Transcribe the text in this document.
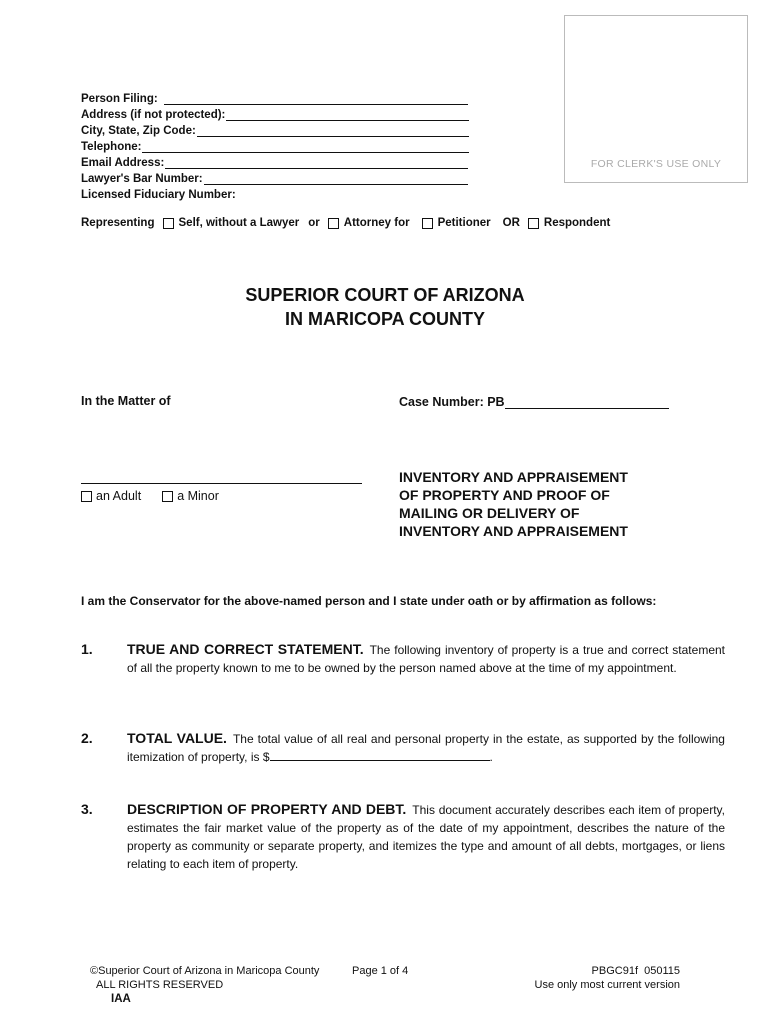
FOR CLERK'S USE ONLY
Person Filing:
Address (if not protected):
City, State, Zip Code:
Telephone:
Email Address:
Lawyer's Bar Number:
Licensed Fiduciary Number:
Representing Self, without a Lawyer or Attorney for Petitioner OR Respondent
SUPERIOR COURT OF ARIZONA
IN MARICOPA COUNTY
In the Matter of	Case Number: PB
an Adult	a Minor
INVENTORY AND APPRAISEMENT
OF PROPERTY AND PROOF OF
MAILING OR DELIVERY OF
INVENTORY AND APPRAISEMENT
I am the Conservator for the above-named person and I state under oath or by affirmation as follows:
1. TRUE AND CORRECT STATEMENT. The following inventory of property is a true and correct statement of all the property known to me to be owned by the person named above at the time of my appointment.
2. TOTAL VALUE. The total value of all real and personal property in the estate, as supported by the following itemization of property, is $	.
3. DESCRIPTION OF PROPERTY AND DEBT. This document accurately describes each item of property, estimates the fair market value of the property as of the date of my appointment, describes the nature of the property as community or separate property, and itemizes the type and amount of all debts, mortgages, or liens relating to each item of property.
©Superior Court of Arizona in Maricopa County
ALL RIGHTS RESERVED
IAA
Page 1 of 4	PBGC91f  050115
Use only most current version
